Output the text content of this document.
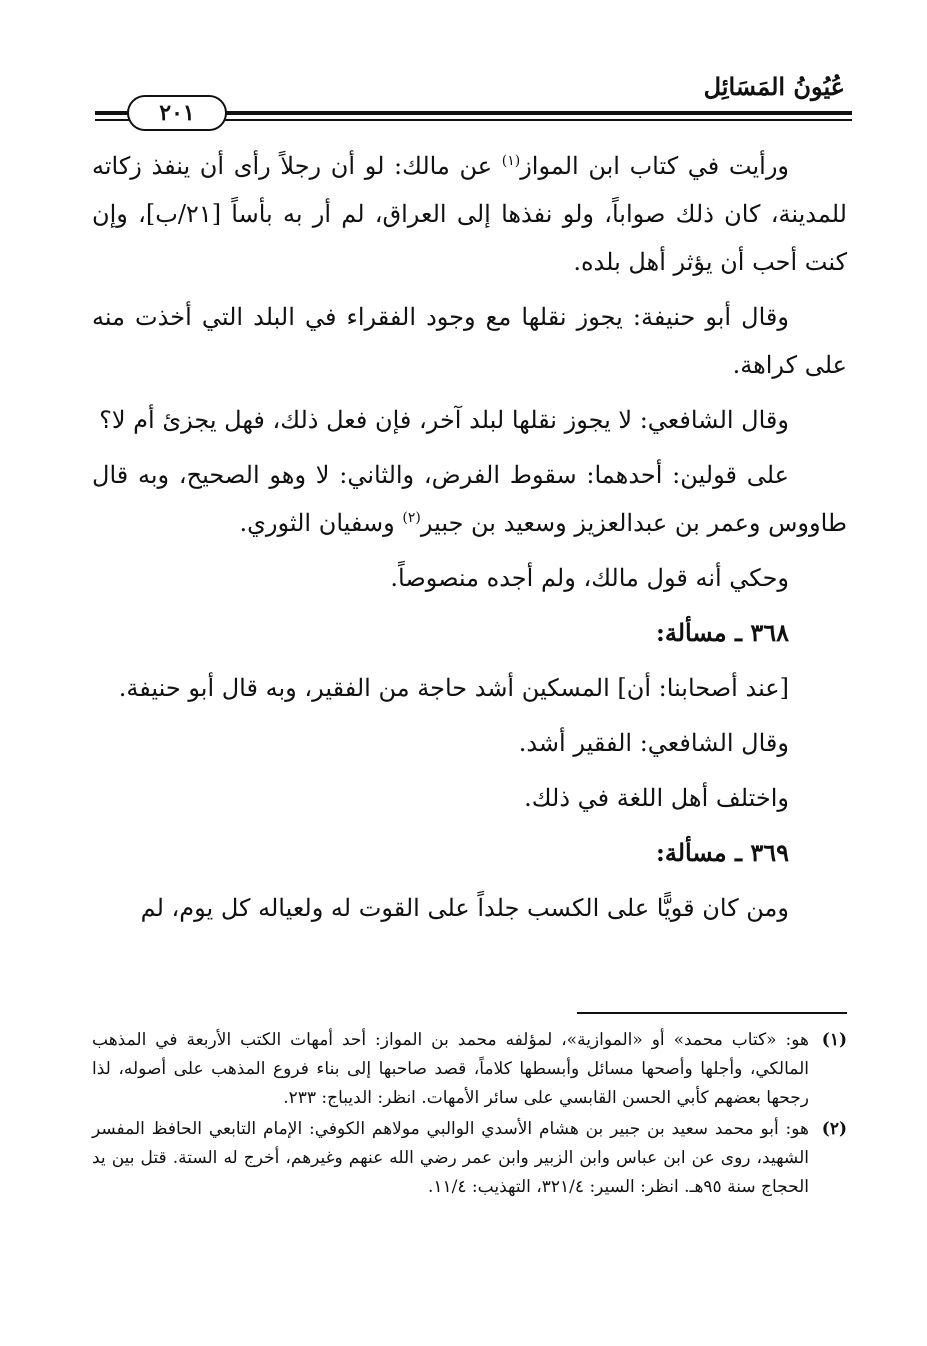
عُيُونُ المَسَائِل
٢٠١

ورأيت في كتاب ابن المواز$^{(١)}$ عن مالك: لو أن رجلاً رأى أن ينفذ زكاته للمدينة، كان ذلك صواباً، ولو نفذها إلى العراق، لم أر به بأساً [٢١/ب]، وإن كنت أحب أن يؤثر أهل بلده.

وقال أبو حنيفة: يجوز نقلها مع وجود الفقراء في البلد التي أخذت منه على كراهة.

وقال الشافعي: لا يجوز نقلها لبلد آخر، فإن فعل ذلك، فهل يجزئ أم لا؟

على قولين: أحدهما: سقوط الفرض، والثاني: لا وهو الصحيح، وبه قال طاووس وعمر بن عبدالعزيز وسعيد بن جبير$^{(٢)}$ وسفيان الثوري.

وحكي أنه قول مالك، ولم أجده منصوصاً.

٣٦٨ ـ مسألة:

[عند أصحابنا: أن] المسكين أشد حاجة من الفقير، وبه قال أبو حنيفة.

وقال الشافعي: الفقير أشد.

واختلف أهل اللغة في ذلك.

٣٦٩ ـ مسألة:

ومن كان قويًّا على الكسب جلداً على القوت له ولعياله كل يوم، لم

(١)
هو: «كتاب محمد» أو «الموازية»، لمؤلفه محمد بن المواز: أحد أمهات الكتب الأربعة في المذهب المالكي، وأجلها وأصحها مسائل وأبسطها كلاماً، قصد صاحبها إلى بناء فروع المذهب على أصوله، لذا رجحها بعضهم كأبي الحسن القابسي على سائر الأمهات. انظر: الديباج: ٢٣٣.
(٢)
هو: أبو محمد سعيد بن جبير بن هشام الأسدي الوالبي مولاهم الكوفي: الإمام التابعي الحافظ المفسر الشهيد، روى عن ابن عباس وابن الزبير وابن عمر رضي الله عنهم وغيرهم، أخرج له الستة. قتل بين يد الحجاج سنة ٩٥هـ. انظر: السير: ٣٢١/٤، التهذيب: ١١/٤.
